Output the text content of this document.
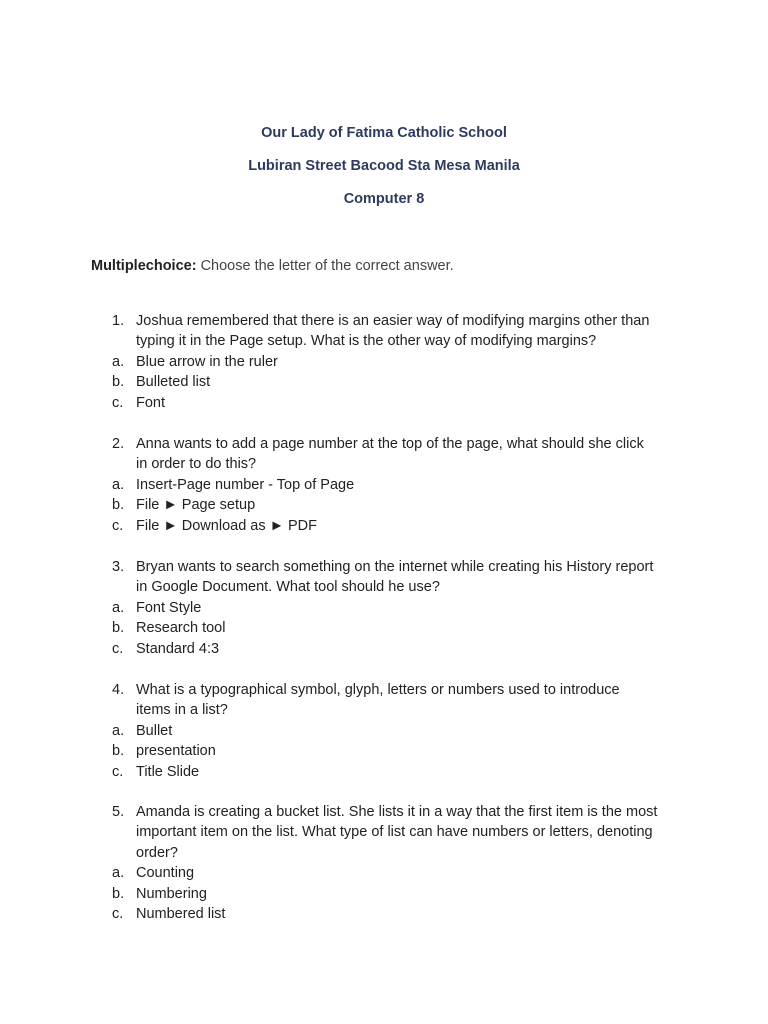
Our Lady of Fatima Catholic School
Lubiran Street Bacood Sta Mesa Manila
Computer 8
Multiplechoice: Choose the letter of the correct answer.
1. Joshua remembered that there is an easier way of modifying margins other than
typing it in the Page setup. What is the other way of modifying margins?
a. Blue arrow in the ruler
b. Bulleted list
c. Font
2. Anna wants to add a page number at the top of the page, what should she click
in order to do this?
a. Insert-Page number - Top of Page
b. File ► Page setup
c. File ► Download as ► PDF
3. Bryan wants to search something on the internet while creating his History report
in Google Document. What tool should he use?
a. Font Style
b. Research tool
c. Standard 4:3
4. What is a typographical symbol, glyph, letters or numbers used to introduce
items in a list?
a. Bullet
b. presentation
c. Title Slide
5. Amanda is creating a bucket list. She lists it in a way that the first item is the most
important item on the list. What type of list can have numbers or letters, denoting
order?
a. Counting
b. Numbering
c. Numbered list
